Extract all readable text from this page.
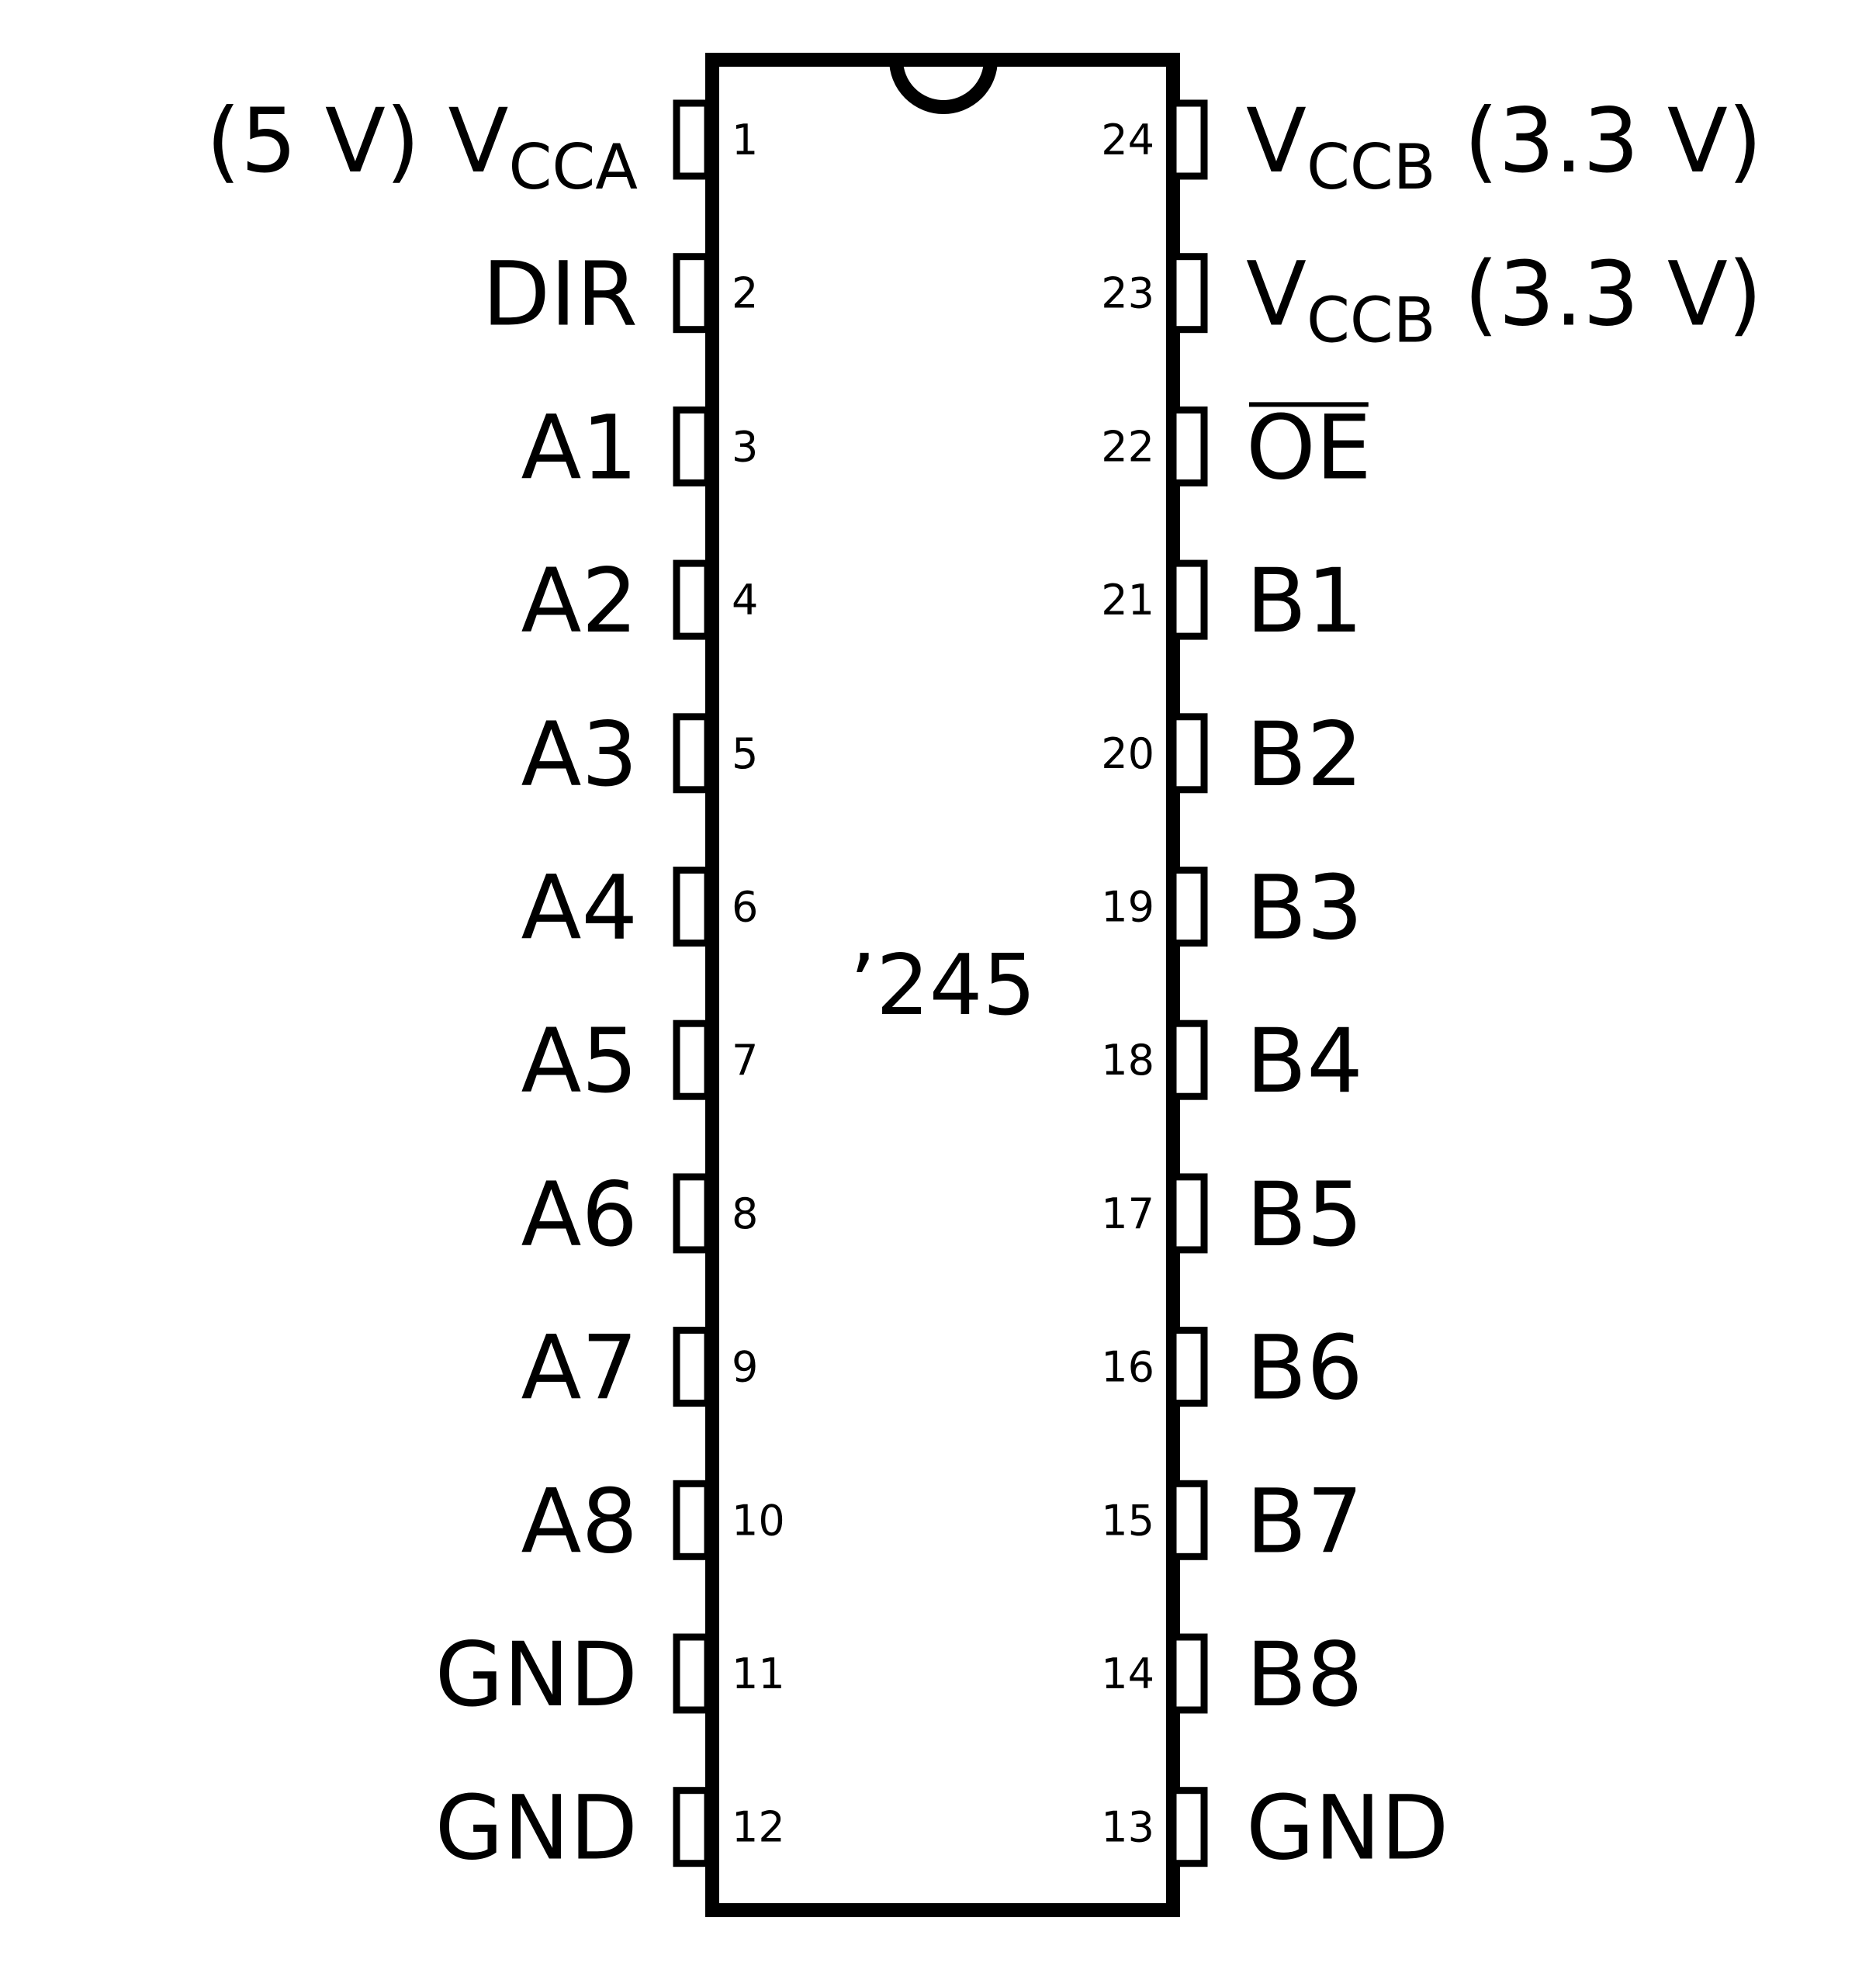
’245
1
(5 V) VCCA
2
DIR
3
A1
4
A2
5
A3
6
A4
7
A5
8
A6
9
A7
10
A8
11
GND
12
GND
24 VCCB (3.3 V)
23 VCCB (3.3 V)
22 OE
21 B1
20 B2
19 B3
18 B4
17 B5
16 B6
15 B7
14 B8
13 GND
